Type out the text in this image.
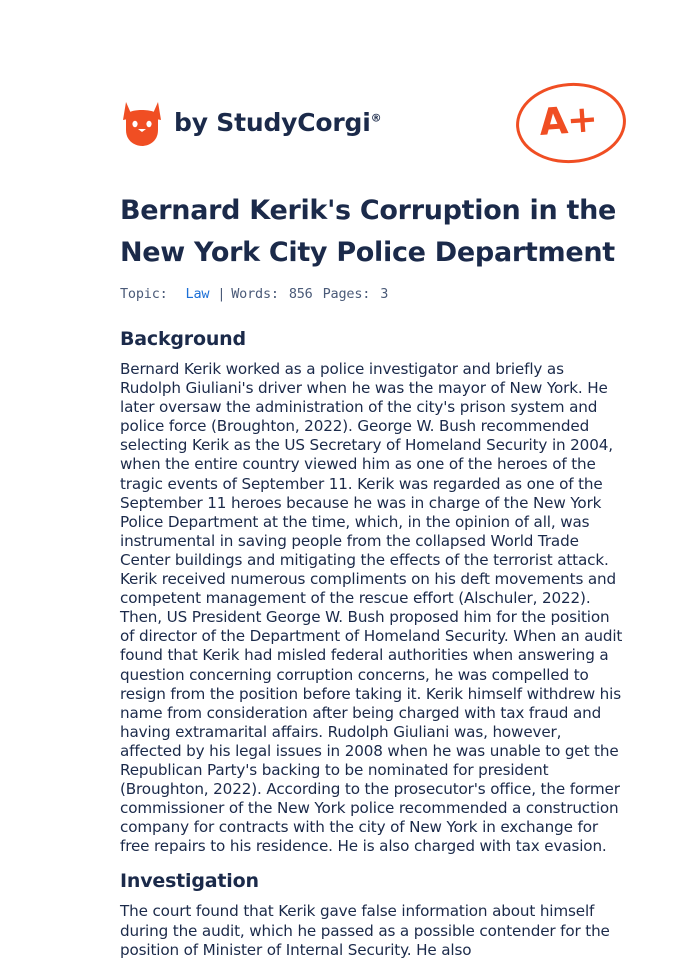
by StudyCorgi®	A+
Bernard Kerik's Corruption in the New York City Police Department
Topic: Law | Words: 856 Pages: 3
Background

Bernard Kerik worked as a police investigator and briefly as Rudolph Giuliani's driver when he was the mayor of New York. He later oversaw the administration of the city's prison system and police force (Broughton, 2022). George W. Bush recommended selecting Kerik as the US Secretary of Homeland Security in 2004, when the entire country viewed him as one of the heroes of the tragic events of September 11. Kerik was regarded as one of the September 11 heroes because he was in charge of the New York Police Department at the time, which, in the opinion of all, was instrumental in saving people from the collapsed World Trade Center buildings and mitigating the effects of the terrorist attack. Kerik received numerous compliments on his deft movements and competent management of the rescue effort (Alschuler, 2022). Then, US President George W. Bush proposed him for the position of director of the Department of Homeland Security. When an audit found that Kerik had misled federal authorities when answering a question concerning corruption concerns, he was compelled to resign from the position before taking it. Kerik himself withdrew his name from consideration after being charged with tax fraud and having extramarital affairs. Rudolph Giuliani was, however, affected by his legal issues in 2008 when he was unable to get the Republican Party's backing to be nominated for president (Broughton, 2022). According to the prosecutor's office, the former commissioner of the New York police recommended a construction company for contracts with the city of New York in exchange for free repairs to his residence. He is also charged with tax evasion.

Investigation

The court found that Kerik gave false information about himself during the audit, which he passed as a possible contender for the position of Minister of Internal Security. He also
